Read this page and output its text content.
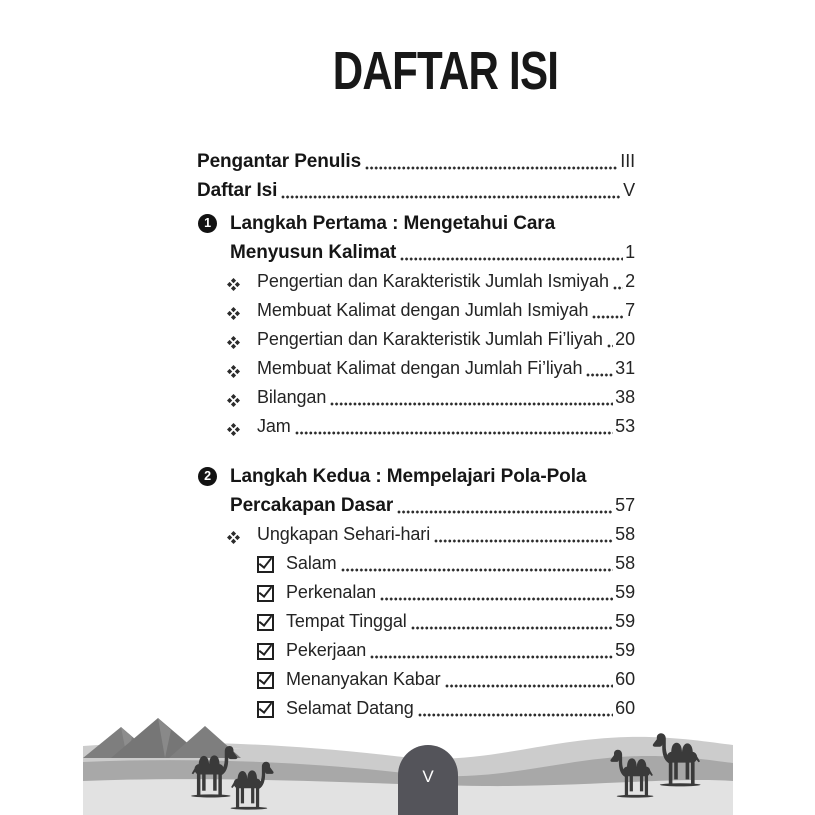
DAFTAR ISI
Pengantar Penulis	III
Daftar Isi	V
1	Langkah Pertama : Mengetahui Cara
Menyusun Kalimat	1
Pengertian dan Karakteristik Jumlah Ismiyah 2
Membuat Kalimat dengan Jumlah Ismiyah 7
Pengertian dan Karakteristik Jumlah Fi’liyah 20
Membuat Kalimat dengan Jumlah Fi’liyah 31
Bilangan	38
Jam	53
2	Langkah Kedua : Mempelajari Pola-Pola
Percakapan Dasar	57
Ungkapan Sehari-hari	58
Salam	58
Perkenalan	59
Tempat Tinggal	59
Pekerjaan	59
Menanyakan Kabar	60
Selamat Datang	60
V
